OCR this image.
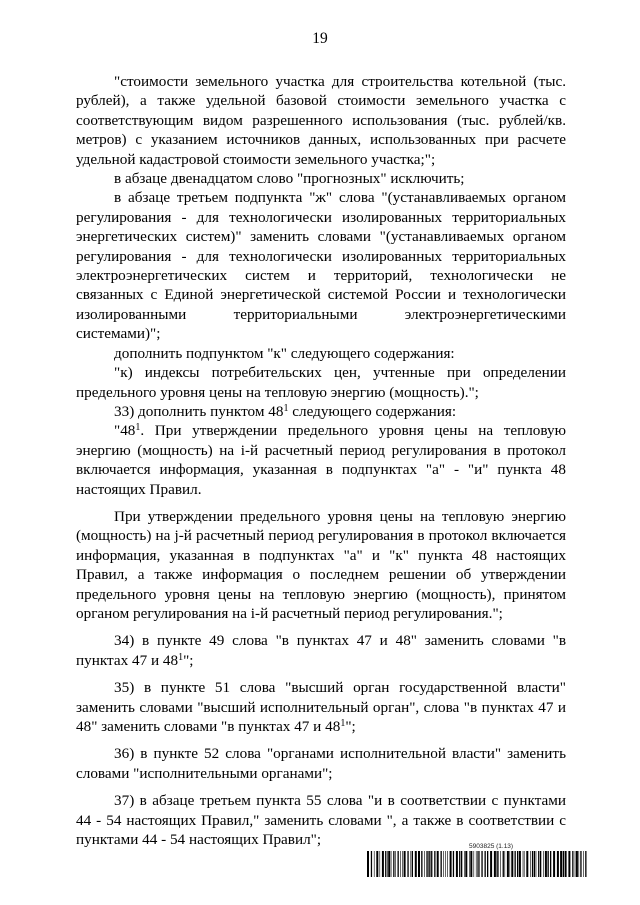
19

"стоимости земельного участка для строительства котельной (тыс. рублей), а также удельной базовой стоимости земельного участка с соответствующим видом разрешенного использования (тыс. рублей/кв. метров) с указанием источников данных, использованных при расчете удельной кадастровой стоимости земельного участка;";

в абзаце двенадцатом слово "прогнозных" исключить;

в абзаце третьем подпункта "ж" слова "(устанавливаемых органом регулирования - для технологически изолированных территориальных энергетических систем)" заменить словами "(устанавливаемых органом регулирования - для технологически изолированных территориальных электроэнергетических систем и территорий, технологически не связанных с Единой энергетической системой России и технологически изолированными территориальными электроэнергетическими системами)";

дополнить подпунктом "к" следующего содержания:

"к) индексы потребительских цен, учтенные при определении предельного уровня цены на тепловую энергию (мощность).";

33) дополнить пунктом $48^1$ следующего содержания:

"$48^1$. При утверждении предельного уровня цены на тепловую энергию (мощность) на i-й расчетный период регулирования в протокол включается информация, указанная в подпунктах "а" - "и" пункта 48 настоящих Правил.

При утверждении предельного уровня цены на тепловую энергию (мощность) на j-й расчетный период регулирования в протокол включается информация, указанная в подпунктах "а" и "к" пункта 48 настоящих Правил, а также информация о последнем решении об утверждении предельного уровня цены на тепловую энергию (мощность), принятом органом регулирования на i-й расчетный период регулирования.";

34) в пункте 49 слова "в пунктах 47 и 48" заменить словами "в пунктах 47 и $48^1$";

35) в пункте 51 слова "высший орган государственной власти" заменить словами "высший исполнительный орган", слова "в пунктах 47 и 48" заменить словами "в пунктах 47 и $48^1$";

36) в пункте 52 слова "органами исполнительной власти" заменить словами "исполнительными органами";

37) в абзаце третьем пункта 55 слова "и в соответствии с пунктами 44 - 54 настоящих Правил," заменить словами ", а также в соответствии с пунктами 44 - 54 настоящих Правил";	5903825 (1.13)
